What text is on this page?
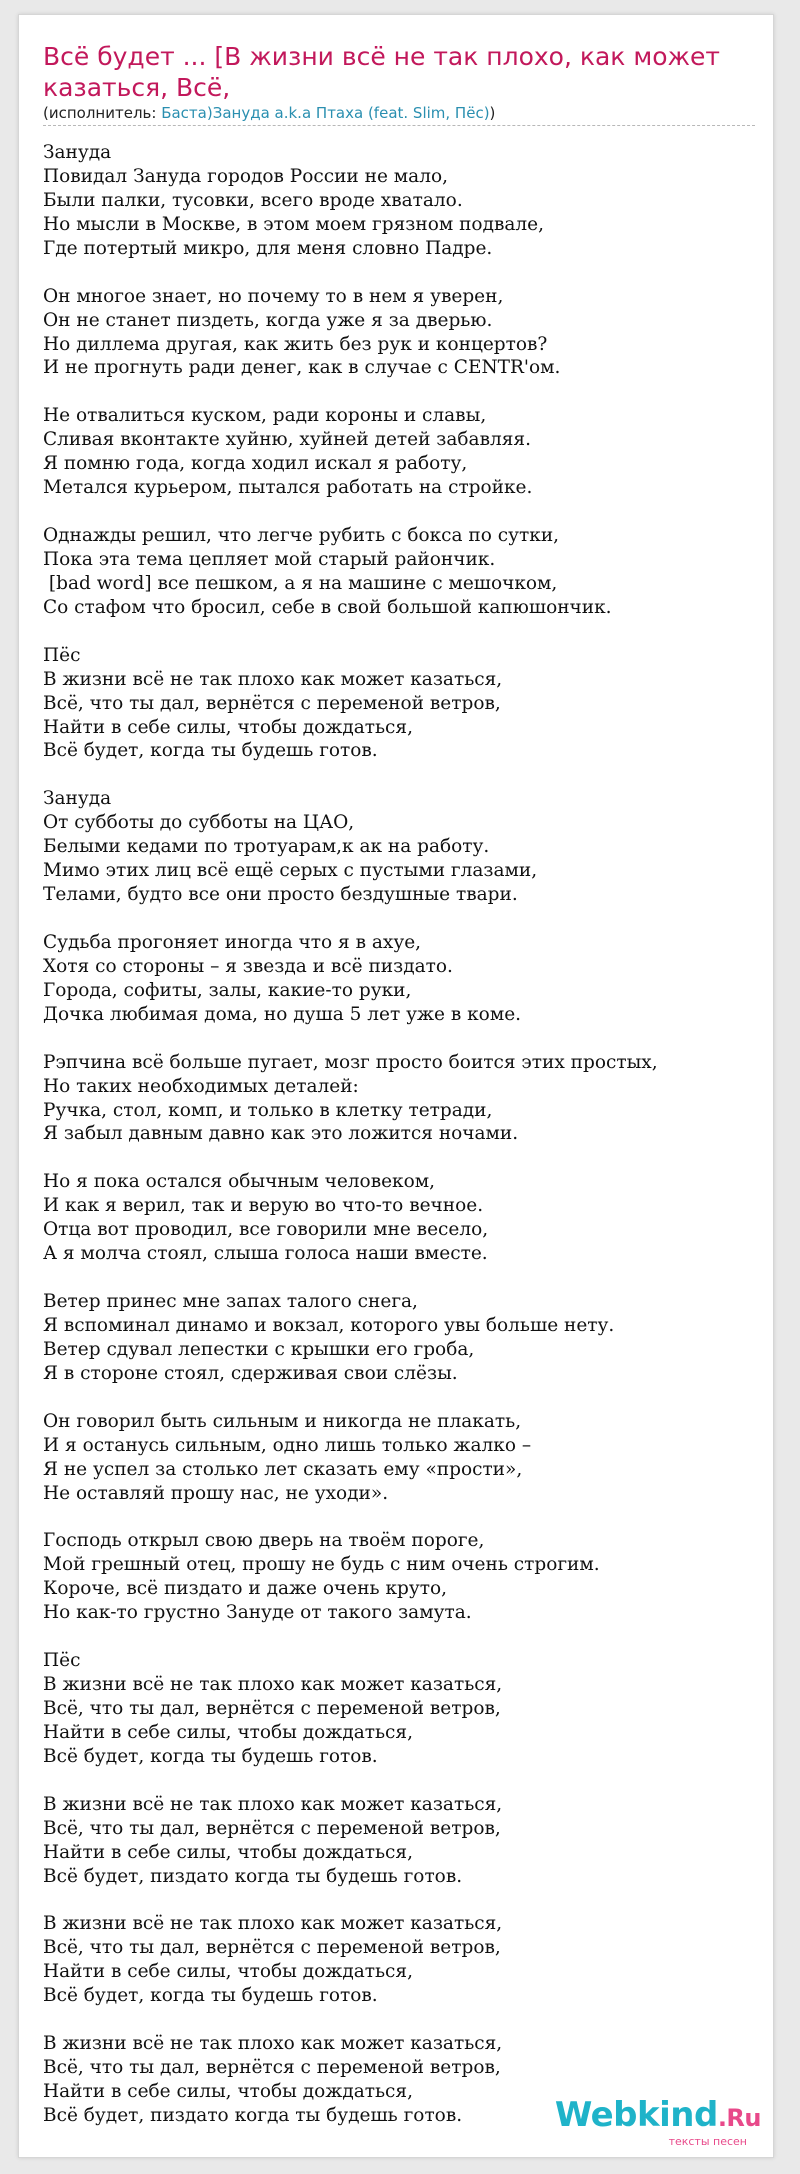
Всё будет ... [В жизни всё не так плохо, как может казаться, Всё,
(исполнитель: Баста)Зануда a.k.a Птаха (feat. Slim, Пёс))
Зануда
Повидал Зануда городов России не мало,
Были палки, тусовки, всего вроде хватало.
Но мысли в Москве, в этом моем грязном подвале,
Где потертый микро, для меня словно Падре.
Он многое знает, но почему то в нем я уверен,
Он не станет пиздеть, когда уже я за дверью.
Но диллема другая, как жить без рук и концертов?
И не прогнуть ради денег, как в случае с CENTR'ом.
Не отвалиться куском, ради короны и славы,
Сливая вконтакте хуйню, хуйней детей забавляя.
Я помню года, когда ходил искал я работу,
Метался курьером, пытался работать на стройке.
Однажды решил, что легче рубить с бокса по сутки,
Пока эта тема цепляет мой старый райончик.
[bad word] все пешком, а я на машине с мешочком,
Со стафом что бросил, себе в свой большой капюшончик.
Пёс
В жизни всё не так плохо как может казаться,
Всё, что ты дал, вернётся с переменой ветров,
Найти в себе силы, чтобы дождаться,
Всё будет, когда ты будешь готов.
Зануда
От субботы до субботы на ЦАО,
Белыми кедами по тротуарам,к ак на работу.
Мимо этих лиц всё ещё серых с пустыми глазами,
Телами, будто все они просто бездушные твари.
Судьба прогоняет иногда что я в ахуе,
Хотя со стороны – я звезда и всё пиздато.
Города, софиты, залы, какие-то руки,
Дочка любимая дома, но душа 5 лет уже в коме.
Рэпчина всё больше пугает, мозг просто боится этих простых,
Но таких необходимых деталей:
Ручка, стол, комп, и только в клетку тетради,
Я забыл давным давно как это ложится ночами.
Но я пока остался обычным человеком,
И как я верил, так и верую во что-то вечное.
Отца вот проводил, все говорили мне весело,
А я молча стоял, слыша голоса наши вместе.
Ветер принес мне запах талого снега,
Я вспоминал динамо и вокзал, которого увы больше нету.
Ветер сдувал лепестки с крышки его гроба,
Я в стороне стоял, сдерживая свои слёзы.
Он говорил быть сильным и никогда не плакать,
И я останусь сильным, одно лишь только жалко –
Я не успел за столько лет сказать ему «прости»,
Не оставляй прошу нас, не уходи».
Господь открыл свою дверь на твоём пороге,
Мой грешный отец, прошу не будь с ним очень строгим.
Короче, всё пиздато и даже очень круто,
Но как-то грустно Зануде от такого замута.
Пёс
В жизни всё не так плохо как может казаться,
Всё, что ты дал, вернётся с переменой ветров,
Найти в себе силы, чтобы дождаться,
Всё будет, когда ты будешь готов.
В жизни всё не так плохо как может казаться,
Всё, что ты дал, вернётся с переменой ветров,
Найти в себе силы, чтобы дождаться,
Всё будет, пиздато когда ты будешь готов.
В жизни всё не так плохо как может казаться,
Всё, что ты дал, вернётся с переменой ветров,
Найти в себе силы, чтобы дождаться,
Всё будет, когда ты будешь готов.
В жизни всё не так плохо как может казаться,
Всё, что ты дал, вернётся с переменой ветров,
Найти в себе силы, чтобы дождаться,
Всё будет, пиздато когда ты будешь готов.	Webkind.Ru
тексты песен
